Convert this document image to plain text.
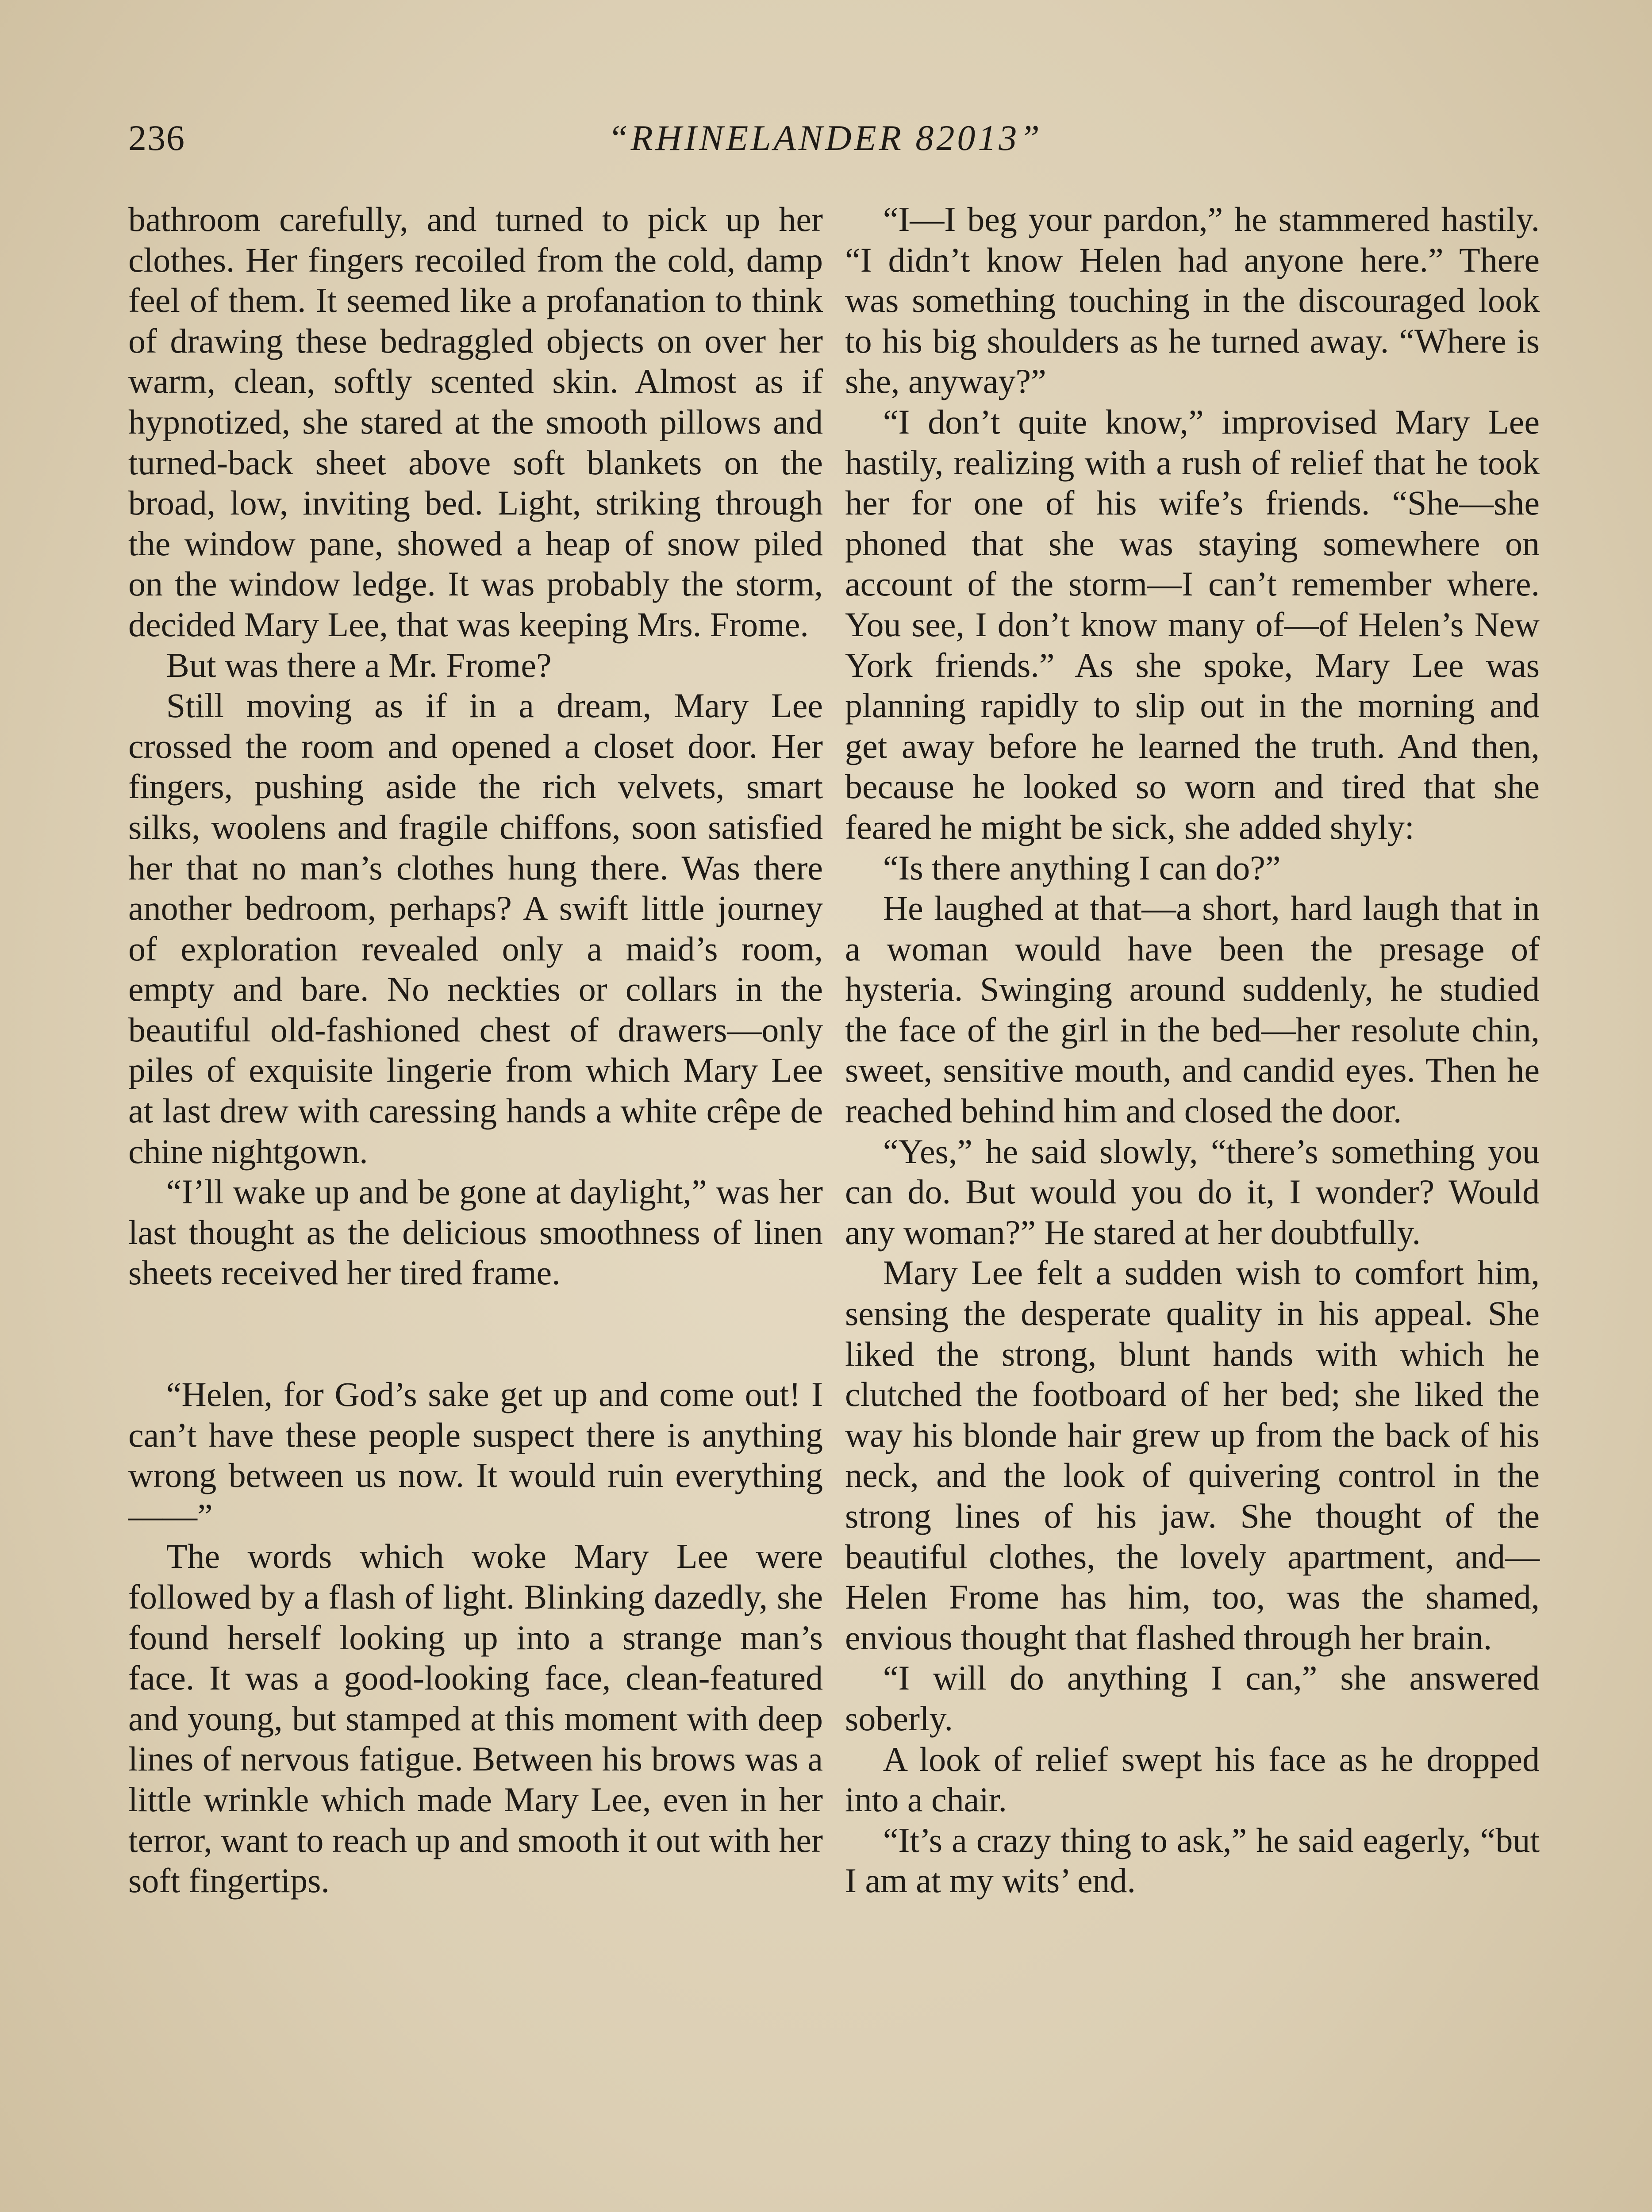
236	“RHINELANDER 82013”

bathroom carefully, and turned to pick up her clothes. Her fingers recoiled from the cold, damp feel of them. It seemed like a profanation to think of drawing these bedraggled objects on over her warm, clean, softly scented skin. Almost as if hypnotized, she stared at the smooth pillows and turned-back sheet above soft blankets on the broad, low, inviting bed. Light, striking through the window pane, showed a heap of snow piled on the window ledge. It was probably the storm, decided Mary Lee, that was keeping Mrs. Frome.

But was there a Mr. Frome?

Still moving as if in a dream, Mary Lee crossed the room and opened a closet door. Her fingers, pushing aside the rich velvets, smart silks, woolens and fragile chiffons, soon satisfied her that no man’s clothes hung there. Was there another bedroom, perhaps? A swift little journey of exploration revealed only a maid’s room, empty and bare. No neckties or collars in the beautiful old-fashioned chest of drawers—only piles of exquisite lingerie from which Mary Lee at last drew with caressing hands a white crêpe de chine nightgown.

“I’ll wake up and be gone at daylight,” was her last thought as the delicious smoothness of linen sheets received her tired frame.

“Helen, for God’s sake get up and come out! I can’t have these people suspect there is anything wrong between us now. It would ruin everything——”

The words which woke Mary Lee were followed by a flash of light. Blinking dazedly, she found herself looking up into a strange man’s face. It was a good-looking face, clean-featured and young, but stamped at this moment with deep lines of nervous fatigue. Between his brows was a little wrinkle which made Mary Lee, even in her terror, want to reach up and smooth it out with her soft fingertips.

“I—I beg your pardon,” he stammered hastily. “I didn’t know Helen had anyone here.” There was something touching in the discouraged look to his big shoulders as he turned away. “Where is she, anyway?”

“I don’t quite know,” improvised Mary Lee hastily, realizing with a rush of relief that he took her for one of his wife’s friends. “She—she phoned that she was staying somewhere on account of the storm—I can’t remember where. You see, I don’t know many of—of Helen’s New York friends.” As she spoke, Mary Lee was planning rapidly to slip out in the morning and get away before he learned the truth. And then, because he looked so worn and tired that she feared he might be sick, she added shyly:

“Is there anything I can do?”

He laughed at that—a short, hard laugh that in a woman would have been the presage of hysteria. Swinging around suddenly, he studied the face of the girl in the bed—her resolute chin, sweet, sensitive mouth, and candid eyes. Then he reached behind him and closed the door.

“Yes,” he said slowly, “there’s something you can do. But would you do it, I wonder? Would any woman?” He stared at her doubtfully.

Mary Lee felt a sudden wish to comfort him, sensing the desperate quality in his appeal. She liked the strong, blunt hands with which he clutched the footboard of her bed; she liked the way his blonde hair grew up from the back of his neck, and the look of quivering control in the strong lines of his jaw. She thought of the beautiful clothes, the lovely apartment, and—Helen Frome has him, too, was the shamed, envious thought that flashed through her brain.

“I will do anything I can,” she answered soberly.

A look of relief swept his face as he dropped into a chair.

“It’s a crazy thing to ask,” he said eagerly, “but I am at my wits’ end.
